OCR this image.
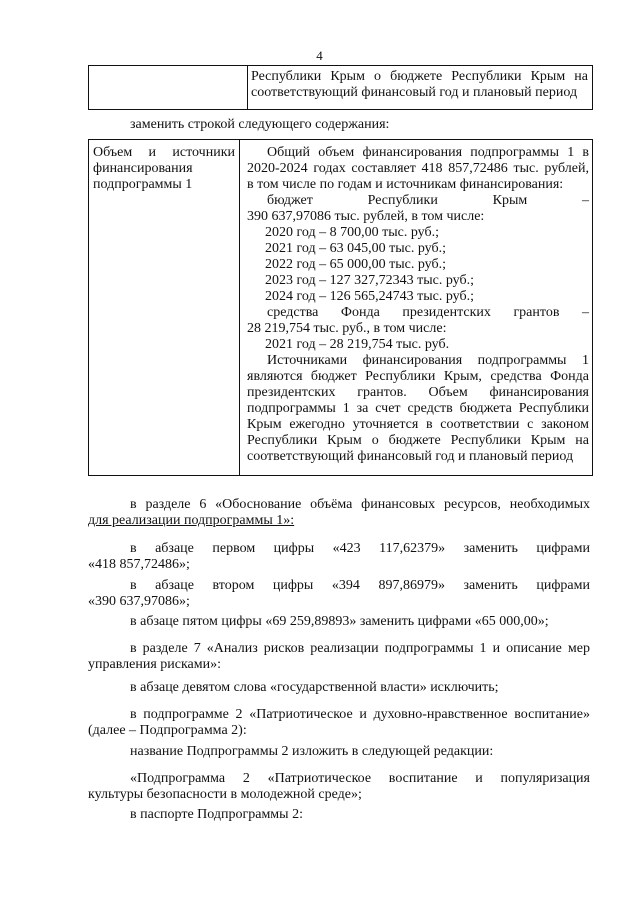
4
Республики Крым о бюджете Республики Крым на
соответствующий финансовый год и плановый период
заменить строкой следующего содержания:
Объем и источники
финансирования
подпрограммы 1
Общий объем финансирования подпрограммы 1 в
2020-2024 годах составляет 418 857,72486 тыс. рублей,
в том числе по годам и источникам финансирования:
бюджет Республики Крым –
390 637,97086 тыс. рублей, в том числе:
2020 год – 8 700,00 тыс. руб.;
2021 год – 63 045,00 тыс. руб.;
2022 год – 65 000,00 тыс. руб.;
2023 год – 127 327,72343 тыс. руб.;
2024 год – 126 565,24743 тыс. руб.;
средства Фонда президентских грантов –
28 219,754 тыс. руб., в том числе:
2021 год – 28 219,754 тыс. руб.
Источниками финансирования подпрограммы 1
являются бюджет Республики Крым, средства Фонда
президентских грантов. Объем финансирования
подпрограммы 1 за счет средств бюджета Республики
Крым ежегодно уточняется в соответствии с законом
Республики Крым о бюджете Республики Крым на
соответствующий финансовый год и плановый период
в разделе 6 «Обоснование объёма финансовых ресурсов, необходимых
для реализации подпрограммы 1»:
в абзаце первом цифры «423 117,62379» заменить цифрами
«418 857,72486»;
в абзаце втором цифры «394 897,86979» заменить цифрами
«390 637,97086»;
в абзаце пятом цифры «69 259,89893» заменить цифрами «65 000,00»;
в разделе 7 «Анализ рисков реализации подпрограммы 1 и описание мер
управления рисками»:
в абзаце девятом слова «государственной власти» исключить;
в подпрограмме 2 «Патриотическое и духовно-нравственное воспитание»
(далее – Подпрограмма 2):
название Подпрограммы 2 изложить в следующей редакции:
«Подпрограмма 2 «Патриотическое воспитание и популяризация
культуры безопасности в молодежной среде»;
в паспорте Подпрограммы 2:
